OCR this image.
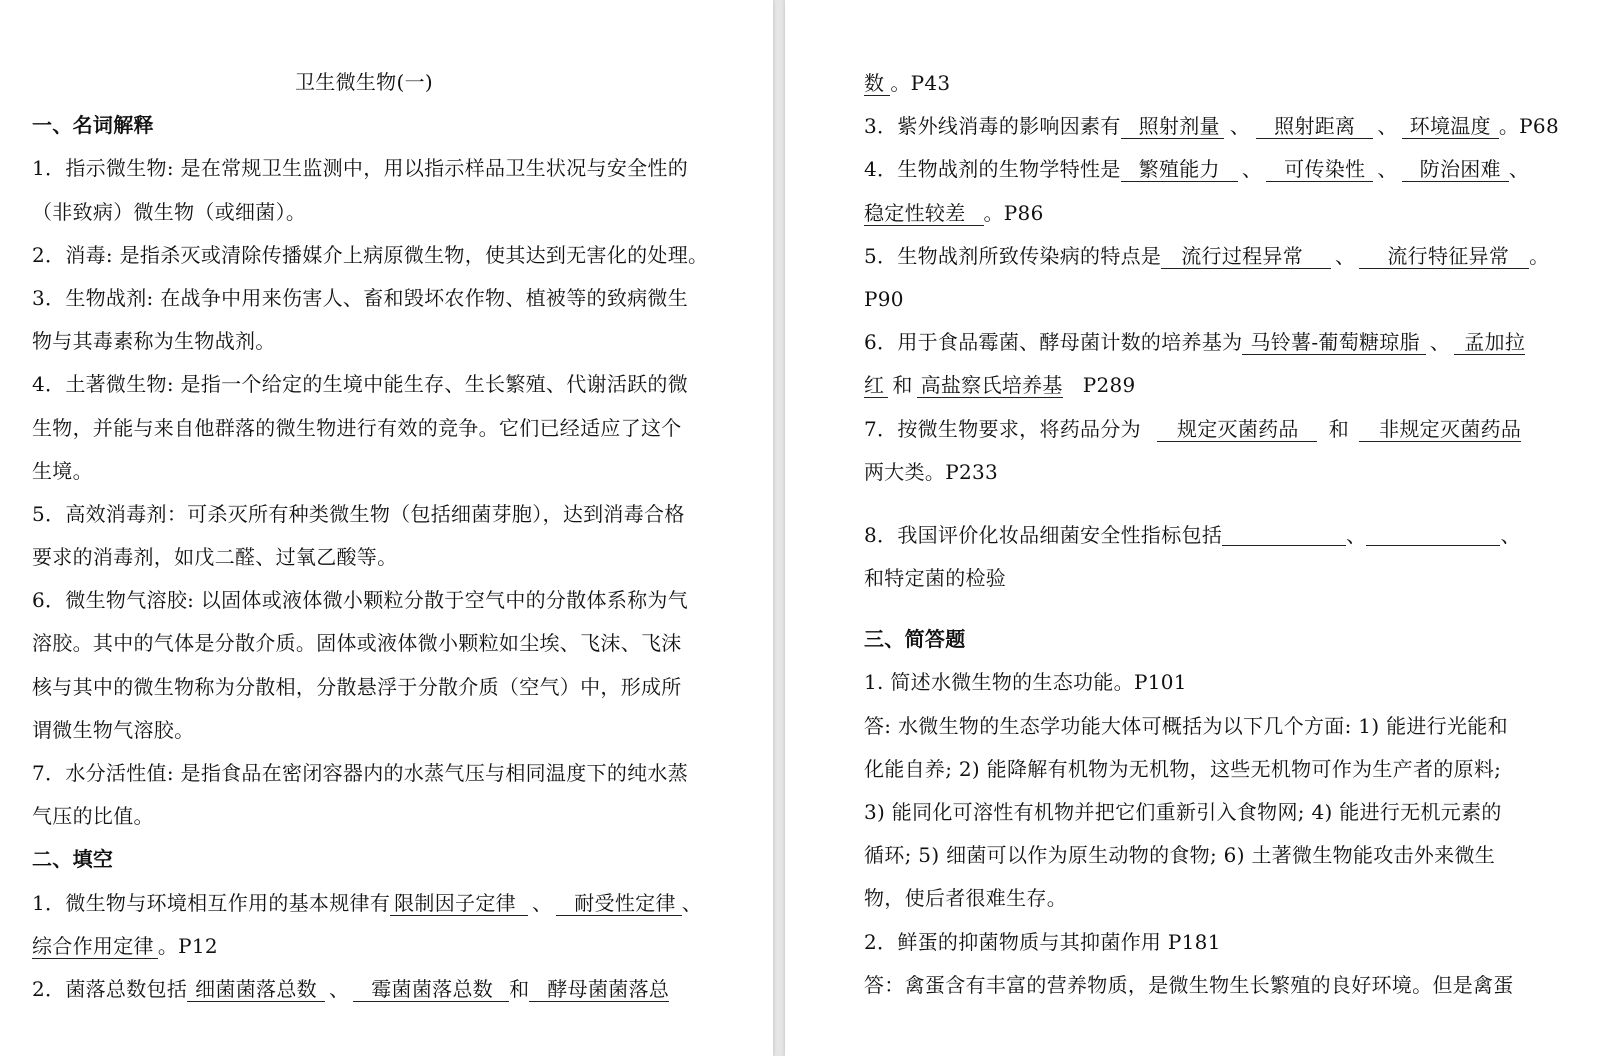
卫生微生物(一)
一、名词解释
1．指示微生物: 是在常规卫生监测中，用以指示样品卫生状况与安全性的
（非致病）微生物（或细菌）。
2．消毒: 是指杀灭或清除传播媒介上病原微生物，使其达到无害化的处理。
3．生物战剂: 在战争中用来伤害人、畜和毁坏农作物、植被等的致病微生
物与其毒素称为生物战剂。
4．土著微生物: 是指一个给定的生境中能生存、生长繁殖、代谢活跃的微
生物，并能与来自他群落的微生物进行有效的竞争。它们已经适应了这个
生境。
5．高效消毒剂：可杀灭所有种类微生物（包括细菌芽胞），达到消毒合格
要求的消毒剂，如戊二醛、过氧乙酸等。
6．微生物气溶胶: 以固体或液体微小颗粒分散于空气中的分散体系称为气
溶胶。其中的气体是分散介质。固体或液体微小颗粒如尘埃、飞沫、飞沫
核与其中的微生物称为分散相，分散悬浮于分散介质（空气）中，形成所
谓微生物气溶胶。
7．水分活性值: 是指食品在密闭容器内的水蒸气压与相同温度下的纯水蒸
气压的比值。
二、填空
1．微生物与环境相互作用的基本规律有 限制因子定律 、 耐受性定律 、
综合作用定律 。P12
2．菌落总数包括 细菌菌落总数 、 霉菌菌落总数 和 酵母菌菌落总
数 。P43
3．紫外线消毒的影响因素有 照射剂量 、 照射距离 、 环境温度 。P68
4．生物战剂的生物学特性是 繁殖能力 、 可传染性 、 防治困难 、
稳定性较差 。P86
5．生物战剂所致传染病的特点是 流行过程异常 、 流行特征异常 。
P90
6．用于食品霉菌、酵母菌计数的培养基为 马铃薯-葡萄糖琼脂 、 孟加拉
红 和 高盐察氏培养基 P289
7．按微生物要求，将药品分为 规定灭菌药品 和 非规定灭菌药品
两大类。P233
8．我国评价化妆品细菌安全性指标包括	、	、
和特定菌的检验
三、简答题
1. 简述水微生物的生态功能。P101
答: 水微生物的生态学功能大体可概括为以下几个方面: 1) 能进行光能和
化能自养; 2) 能降解有机物为无机物，这些无机物可作为生产者的原料;
3) 能同化可溶性有机物并把它们重新引入食物网; 4) 能进行无机元素的
循环; 5) 细菌可以作为原生动物的食物; 6) 土著微生物能攻击外来微生
物，使后者很难生存。
2．鲜蛋的抑菌物质与其抑菌作用 P181
答：禽蛋含有丰富的营养物质，是微生物生长繁殖的良好环境。但是禽蛋
